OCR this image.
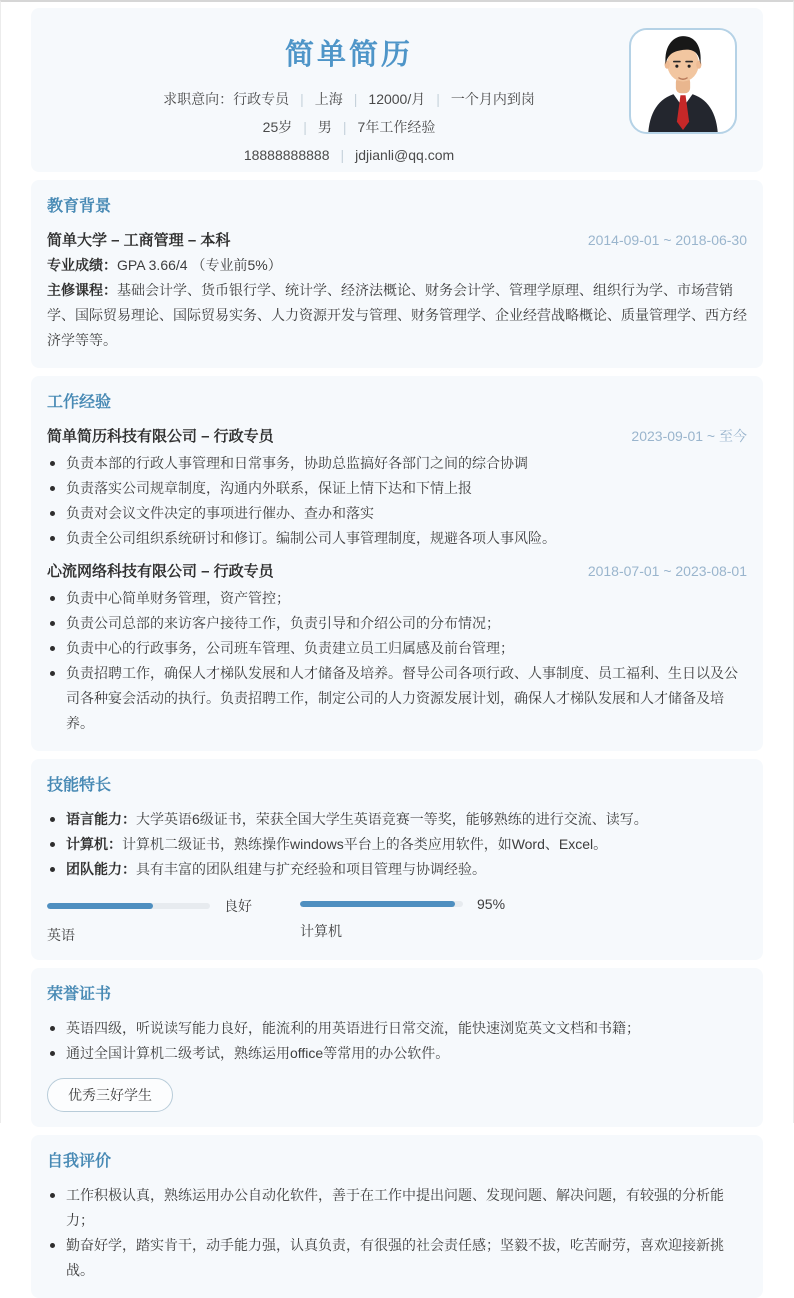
简单简历
求职意向：行政专员 | 上海 | 12000/月 | 一个月内到岗
25岁 | 男 | 7年工作经验
18888888888 | jdjianli@qq.com
教育背景
简单大学 – 工商管理 – 本科	2014-09-01 ~ 2018-06-30
专业成绩：GPA 3.66/4 （专业前5%）
主修课程：基础会计学、货币银行学、统计学、经济法概论、财务会计学、管理学原理、组织行为学、市场营销学、国际贸易理论、国际贸易实务、人力资源开发与管理、财务管理学、企业经营战略概论、质量管理学、西方经济学等等。
工作经验
简单简历科技有限公司 – 行政专员	2023-09-01 ~ 至今
负责本部的行政人事管理和日常事务，协助总监搞好各部门之间的综合协调
负责落实公司规章制度，沟通内外联系，保证上情下达和下情上报
负责对会议文件决定的事项进行催办、查办和落实
负责全公司组织系统研讨和修订。编制公司人事管理制度，规避各项人事风险。
心流网络科技有限公司 – 行政专员	2018-07-01 ~ 2023-08-01
负责中心简单财务管理，资产管控；
负责公司总部的来访客户接待工作，负责引导和介绍公司的分布情况；
负责中心的行政事务，公司班车管理、负责建立员工归属感及前台管理；
负责招聘工作，确保人才梯队发展和人才储备及培养。督导公司各项行政、人事制度、员工福利、生日以及公司各种宴会活动的执行。负责招聘工作，制定公司的人力资源发展计划，确保人才梯队发展和人才储备及培养。
技能特长
语言能力：大学英语6级证书，荣获全国大学生英语竞赛一等奖，能够熟练的进行交流、读写。
计算机：计算机二级证书，熟练操作windows平台上的各类应用软件，如Word、Excel。
团队能力：具有丰富的团队组建与扩充经验和项目管理与协调经验。
良好
英语
95%
计算机
荣誉证书
英语四级，听说读写能力良好，能流利的用英语进行日常交流，能快速浏览英文文档和书籍；
通过全国计算机二级考试，熟练运用office等常用的办公软件。
优秀三好学生
自我评价
工作积极认真，熟练运用办公自动化软件，善于在工作中提出问题、发现问题、解决问题，有较强的分析能力；
勤奋好学，踏实肯干，动手能力强，认真负责，有很强的社会责任感；坚毅不拔，吃苦耐劳，喜欢迎接新挑战。
